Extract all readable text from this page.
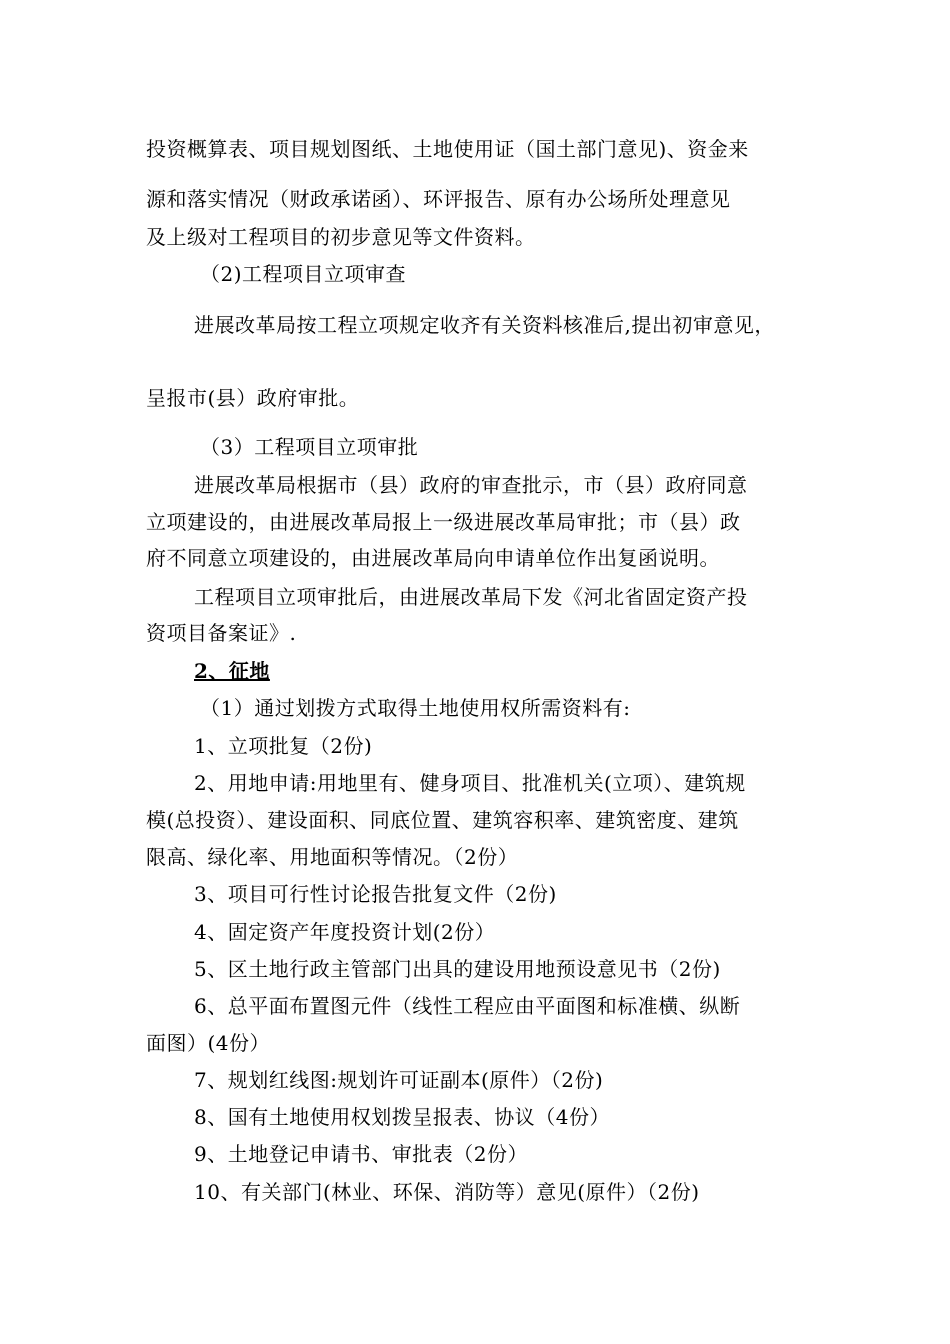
投资概算表、项目规划图纸、土地使用证（国土部门意见)、资金来
源和落实情况（财政承诺函）、环评报告、原有办公场所处理意见
及上级对工程项目的初步意见等文件资料。
（2)工程项目立项审查
进展改革局按工程立项规定收齐有关资料核准后,提出初审意见，
呈报市(县）政府审批。
（3）工程项目立项审批
进展改革局根据市（县）政府的审查批示，市（县）政府同意
立项建设的，由进展改革局报上一级进展改革局审批；市（县）政
府不同意立项建设的，由进展改革局向申请单位作出复函说明。
工程项目立项审批后，由进展改革局下发《河北省固定资产投
资项目备案证》.
2、征地
（1）通过划拨方式取得土地使用权所需资料有:
1、立项批复（2份)
2、用地申请:用地里有、健身项目、批准机关(立项）、建筑规
模(总投资）、建设面积、同底位置、建筑容积率、建筑密度、建筑
限高、绿化率、用地面积等情况。（2份）
3、项目可行性讨论报告批复文件（2份)
4、固定资产年度投资计划(2份）
5、区土地行政主管部门出具的建设用地预设意见书（2份)
6、总平面布置图元件（线性工程应由平面图和标准横、纵断
面图）(4份）
7、规划红线图:规划许可证副本(原件）（2份)
8、国有土地使用权划拨呈报表、协议（4份）
9、土地登记申请书、审批表（2份）
10、有关部门(林业、环保、消防等）意见(原件）（2份)
